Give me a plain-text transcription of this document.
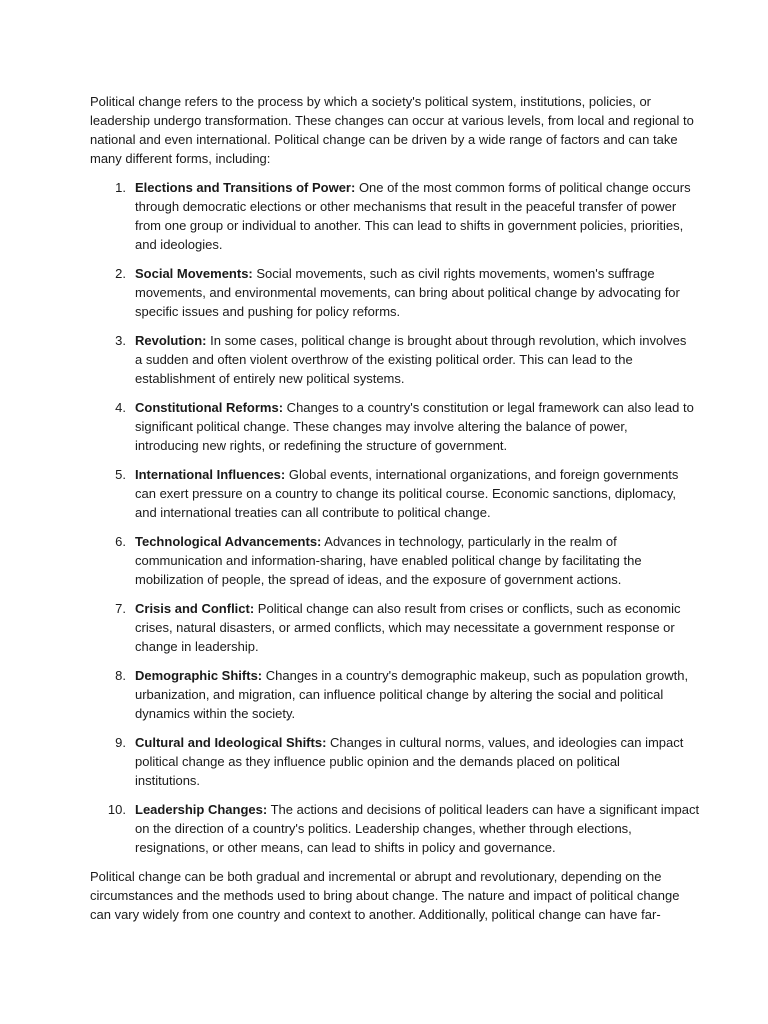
Political change refers to the process by which a society's political system, institutions, policies, or
leadership undergo transformation. These changes can occur at various levels, from local and regional to
national and even international. Political change can be driven by a wide range of factors and can take
many different forms, including:

1. Elections and Transitions of Power: One of the most common forms of political change occurs
through democratic elections or other mechanisms that result in the peaceful transfer of power
from one group or individual to another. This can lead to shifts in government policies, priorities,
and ideologies.
2. Social Movements: Social movements, such as civil rights movements, women's suffrage
movements, and environmental movements, can bring about political change by advocating for
specific issues and pushing for policy reforms.
3. Revolution: In some cases, political change is brought about through revolution, which involves
a sudden and often violent overthrow of the existing political order. This can lead to the
establishment of entirely new political systems.
4. Constitutional Reforms: Changes to a country's constitution or legal framework can also lead to
significant political change. These changes may involve altering the balance of power,
introducing new rights, or redefining the structure of government.
5. International Influences: Global events, international organizations, and foreign governments
can exert pressure on a country to change its political course. Economic sanctions, diplomacy,
and international treaties can all contribute to political change.
6. Technological Advancements: Advances in technology, particularly in the realm of
communication and information-sharing, have enabled political change by facilitating the
mobilization of people, the spread of ideas, and the exposure of government actions.
7. Crisis and Conflict: Political change can also result from crises or conflicts, such as economic
crises, natural disasters, or armed conflicts, which may necessitate a government response or
change in leadership.
8. Demographic Shifts: Changes in a country's demographic makeup, such as population growth,
urbanization, and migration, can influence political change by altering the social and political
dynamics within the society.
9. Cultural and Ideological Shifts: Changes in cultural norms, values, and ideologies can impact
political change as they influence public opinion and the demands placed on political
institutions.
10. Leadership Changes: The actions and decisions of political leaders can have a significant impact
on the direction of a country's politics. Leadership changes, whether through elections,
resignations, or other means, can lead to shifts in policy and governance.

Political change can be both gradual and incremental or abrupt and revolutionary, depending on the
circumstances and the methods used to bring about change. The nature and impact of political change
can vary widely from one country and context to another. Additionally, political change can have far-
